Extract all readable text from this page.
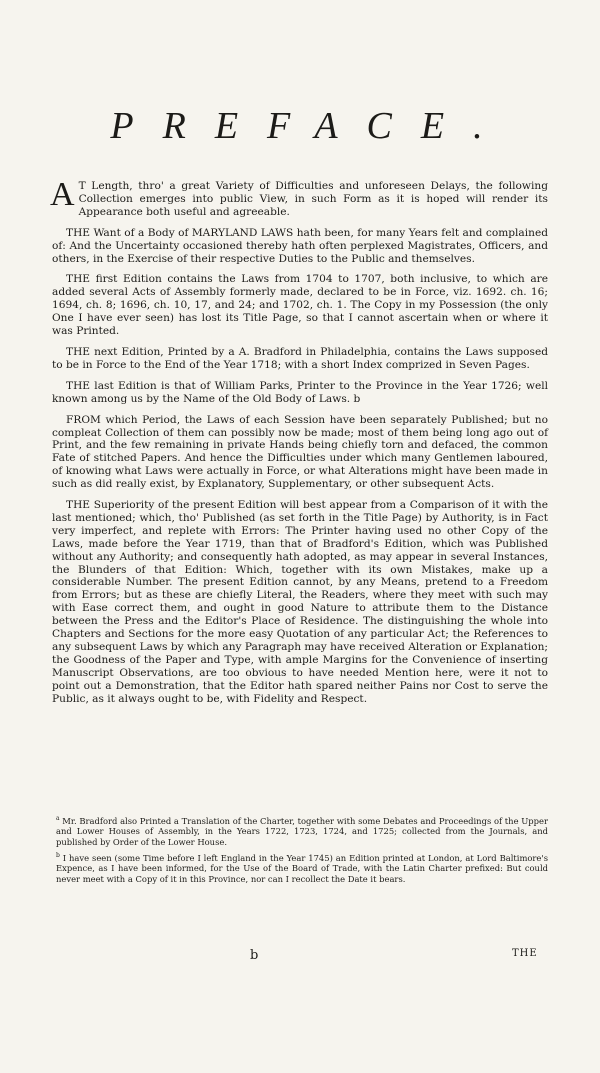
PREFACE.

A T Length, thro' a great Variety of Difficulties and unforeseen Delays, the following Collection emerges into public View, in such Form as it is hoped will render its Appearance both useful and agreeable.

THE Want of a Body of MARYLAND LAWS hath been, for many Years felt and complained of: And the Uncertainty occasioned thereby hath often perplexed Magistrates, Officers, and others, in the Exercise of their respective Duties to the Public and themselves.

THE first Edition contains the Laws from 1704 to 1707, both inclusive, to which are added several Acts of Assembly formerly made, declared to be in Force, viz. 1692. ch. 16; 1694, ch. 8; 1696, ch. 10, 17, and 24; and 1702, ch. 1. The Copy in my Possession (the only One I have ever seen) has lost its Title Page, so that I cannot ascertain when or where it was Printed.

THE next Edition, Printed by a A. Bradford in Philadelphia, contains the Laws supposed to be in Force to the End of the Year 1718; with a short Index comprized in Seven Pages.

THE last Edition is that of William Parks, Printer to the Province in the Year 1726; well known among us by the Name of the Old Body of Laws. b

FROM which Period, the Laws of each Session have been separately Published; but no compleat Collection of them can possibly now be made; most of them being long ago out of Print, and the few remaining in private Hands being chiefly torn and defaced, the common Fate of stitched Papers. And hence the Difficulties under which many Gentlemen laboured, of knowing what Laws were actually in Force, or what Alterations might have been made in such as did really exist, by Explanatory, Supplementary, or other subsequent Acts.

THE Superiority of the present Edition will best appear from a Comparison of it with the last mentioned; which, tho' Published (as set forth in the Title Page) by Authority, is in Fact very imperfect, and replete with Errors: The Printer having used no other Copy of the Laws, made before the Year 1719, than that of Bradford's Edition, which was Published without any Authority; and consequently hath adopted, as may appear in several Instances, the Blunders of that Edition: Which, together with its own Mistakes, make up a considerable Number. The present Edition cannot, by any Means, pretend to a Freedom from Errors; but as these are chiefly Literal, the Readers, where they meet with such may with Ease correct them, and ought in good Nature to attribute them to the Distance between the Press and the Editor's Place of Residence. The distinguishing the whole into Chapters and Sections for the more easy Quotation of any particular Act; the References to any subsequent Laws by which any Paragraph may have received Alteration or Explanation; the Goodness of the Paper and Type, with ample Margins for the Convenience of inserting Manuscript Observations, are too obvious to have needed Mention here, were it not to point out a Demonstration, that the Editor hath spared neither Pains nor Cost to serve the Public, as it always ought to be, with Fidelity and Respect.

$^a$ Mr. Bradford also Printed a Translation of the Charter, together with some Debates and Proceedings of the Upper and Lower Houses of Assembly, in the Years 1722, 1723, 1724, and 1725; collected from the Journals, and published by Order of the Lower House.

$^b$ I have seen (some Time before I left England in the Year 1745) an Edition printed at London, at Lord Baltimore's Expence, as I have been informed, for the Use of the Board of Trade, with the Latin Charter prefixed: But could never meet with a Copy of it in this Province, nor can I recollect the Date it bears.

b	THE
